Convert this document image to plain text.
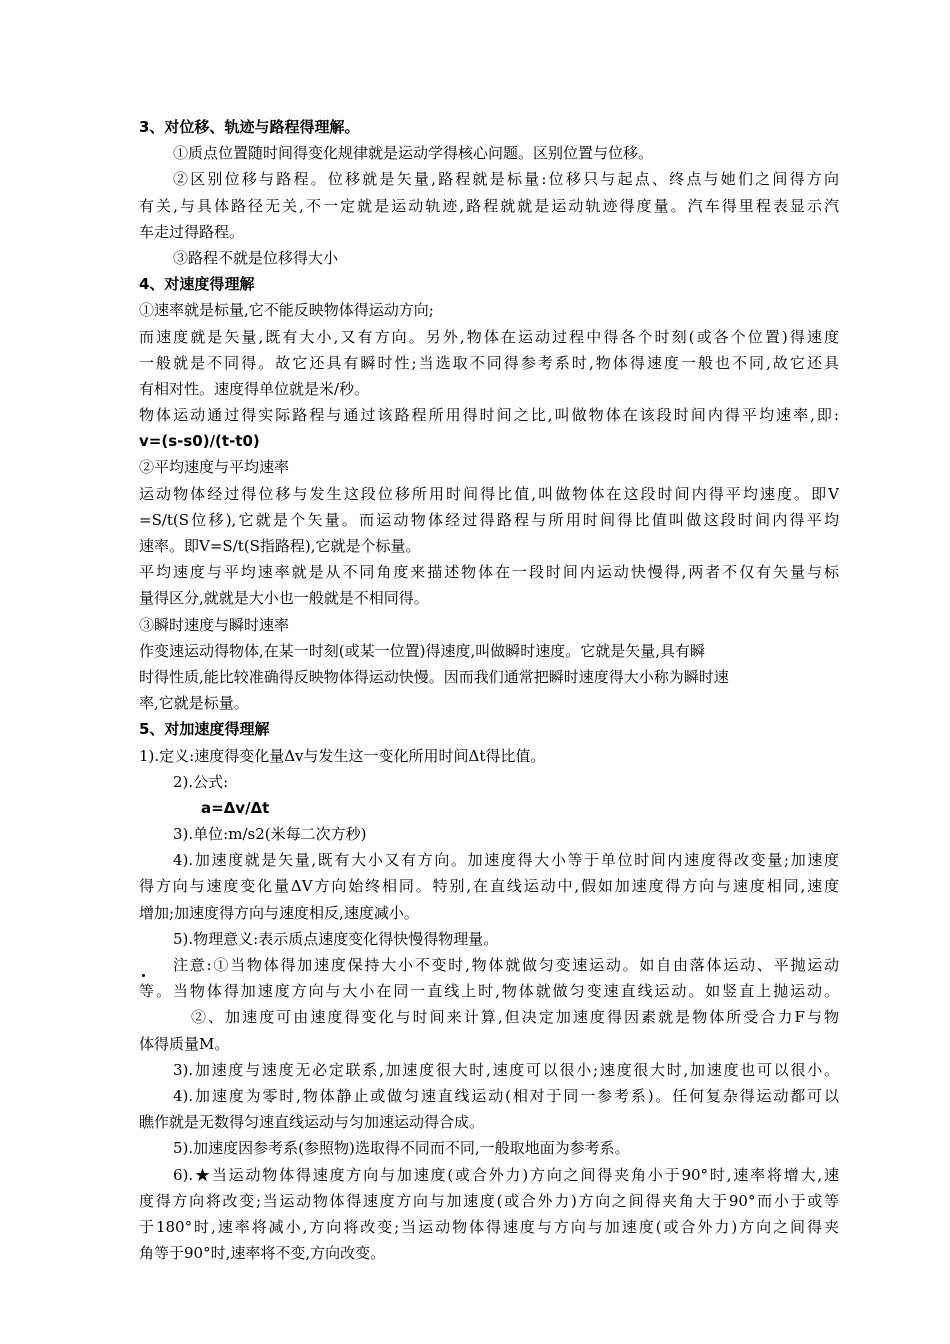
3、对位移、轨迹与路程得理解。
①质点位置随时间得变化规律就是运动学得核心问题。区别位置与位移。
②区别位移与路程。位移就是矢量,路程就是标量:位移只与起点、终点与她们之间得方向
有关,与具体路径无关,不一定就是运动轨迹,路程就就是运动轨迹得度量。汽车得里程表显示汽
车走过得路程。
③路程不就是位移得大小
4、对速度得理解
①速率就是标量,它不能反映物体得运动方向;
而速度就是矢量,既有大小,又有方向。另外,物体在运动过程中得各个时刻(或各个位置)得速度
一般就是不同得。故它还具有瞬时性;当选取不同得参考系时,物体得速度一般也不同,故它还具
有相对性。速度得单位就是米/秒。
物体运动通过得实际路程与通过该路程所用得时间之比,叫做物体在该段时间内得平均速率,即:
v=(s-s0)/(t-t0)
②平均速度与平均速率
运动物体经过得位移与发生这段位移所用时间得比值,叫做物体在这段时间内得平均速度。即V
=S/t(S位移),它就是个矢量。而运动物体经过得路程与所用时间得比值叫做这段时间内得平均
速率。即V=S/t(S指路程),它就是个标量。
平均速度与平均速率就是从不同角度来描述物体在一段时间内运动快慢得,两者不仅有矢量与标
量得区分,就就是大小也一般就是不相同得。
③瞬时速度与瞬时速率
作变速运动得物体,在某一时刻(或某一位置)得速度,叫做瞬时速度。它就是矢量,具有瞬
时得性质,能比较准确得反映物体得运动快慢。因而我们通常把瞬时速度得大小称为瞬时速
率,它就是标量。
5、对加速度得理解
1).定义:速度得变化量Δv与发生这一变化所用时间Δt得比值。
2).公式:
a=Δv/Δt
3).单位:m/s2(米每二次方秒)
4).加速度就是矢量,既有大小又有方向。加速度得大小等于单位时间内速度得改变量;加速度
得方向与速度变化量ΔV方向始终相同。特别,在直线运动中,假如加速度得方向与速度相同,速度
增加;加速度得方向与速度相反,速度减小。
5).物理意义:表示质点速度变化得快慢得物理量。
注意:①当物体得加速度保持大小不变时,物体就做匀变速运动。如自由落体运动、平抛运动
等。当物体得加速度方向与大小在同一直线上时,物体就做匀变速直线运动。如竖直上抛运动。
②、加速度可由速度得变化与时间来计算,但决定加速度得因素就是物体所受合力F与物
体得质量M。
3).加速度与速度无必定联系,加速度很大时,速度可以很小;速度很大时,加速度也可以很小。
4).加速度为零时,物体静止或做匀速直线运动(相对于同一参考系)。任何复杂得运动都可以
瞧作就是无数得匀速直线运动与匀加速运动得合成。
5).加速度因参考系(参照物)选取得不同而不同,一般取地面为参考系。
6).★当运动物体得速度方向与加速度(或合外力)方向之间得夹角小于90°时,速率将增大,速
度得方向将改变;当运动物体得速度方向与加速度(或合外力)方向之间得夹角大于90°而小于或等
于180°时,速率将减小,方向将改变;当运动物体得速度与方向与加速度(或合外力)方向之间得夹
角等于90°时,速率将不变,方向改变。
